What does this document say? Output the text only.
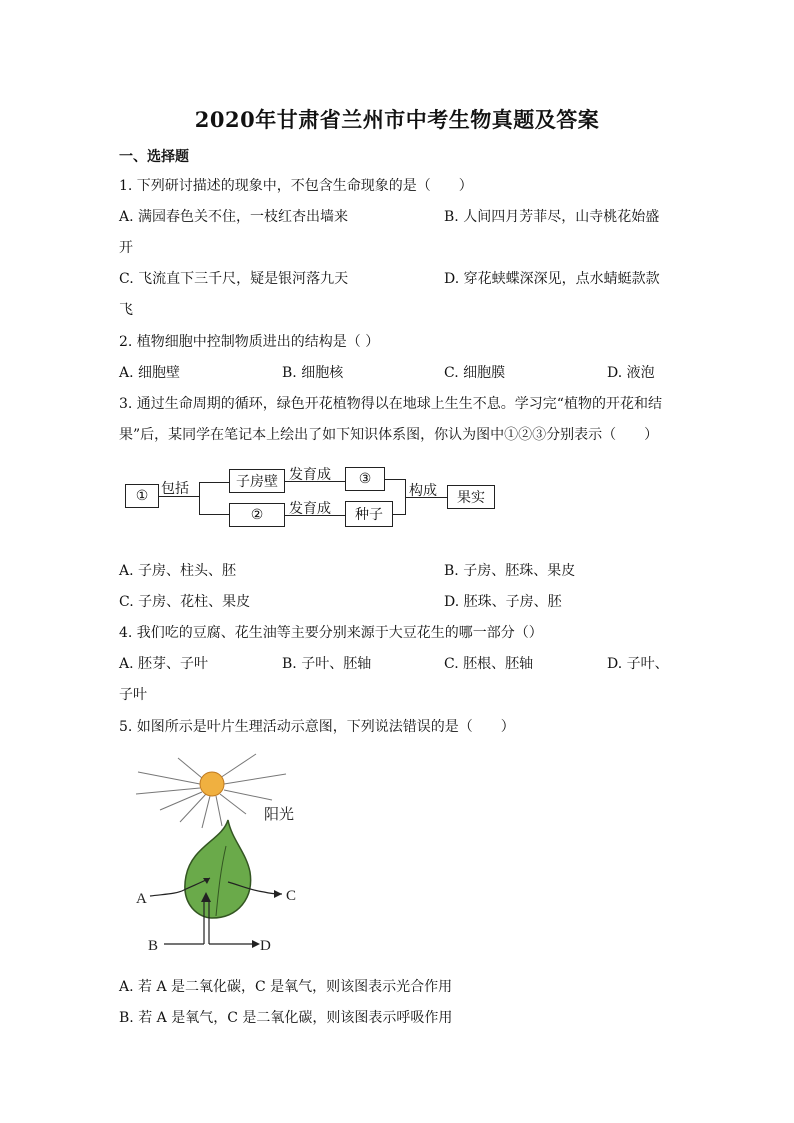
2020年甘肃省兰州市中考生物真题及答案
一、选择题
1. 下列研讨描述的现象中，不包含生命现象的是（　　）
A. 满园春色关不住，一枝红杏出墙来	B. 人间四月芳菲尽，山寺桃花始盛
开
C. 飞流直下三千尺，疑是银河落九天	D. 穿花蛱蝶深深见，点水蜻蜓款款
飞
2. 植物细胞中控制物质进出的结构是（ ）
A. 细胞壁	B. 细胞核	C. 细胞膜	D. 液泡
3. 通过生命周期的循环，绿色开花植物得以在地球上生生不息。学习完“植物的开花和结
果”后，某同学在笔记本上绘出了如下知识体系图，你认为图中①②③分别表示（　　）
① 包括	子房壁
②
发育成
发育成
③
种子
构成	果实
A. 子房、柱头、胚	B. 子房、胚珠、果皮
C. 子房、花柱、果皮	D. 胚珠、子房、胚
4. 我们吃的豆腐、花生油等主要分别来源于大豆花生的哪一部分（）
A. 胚芽、子叶	B. 子叶、胚轴	C. 胚根、胚轴	D. 子叶、
子叶
5. 如图所示是叶片生理活动示意图，下列说法错误的是（　　）
阳光
A	C
B	D
A. 若 A 是二氧化碳，C 是氧气，则该图表示光合作用
B. 若 A 是氧气，C 是二氧化碳，则该图表示呼吸作用
